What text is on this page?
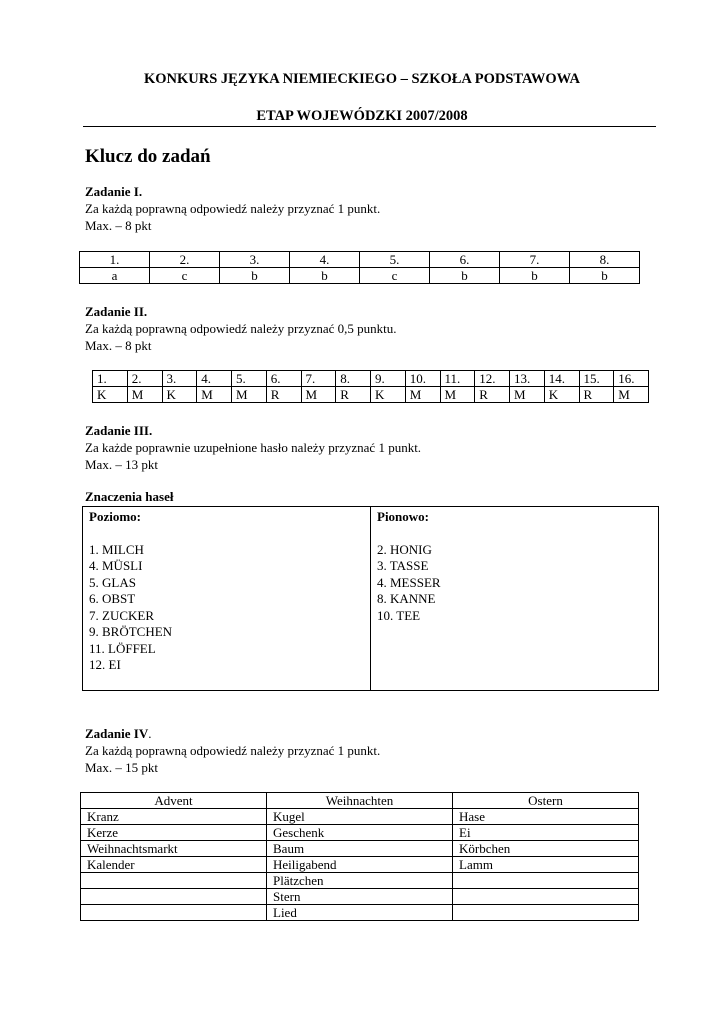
KONKURS JĘZYKA NIEMIECKIEGO – SZKOŁA PODSTAWOWA
ETAP WOJEWÓDZKI 2007/2008
Klucz do zadań
Zadanie I.
Za każdą poprawną odpowiedź należy przyznać 1 punkt.
Max. – 8 pkt
1.	2.	3.	4.	5.	6.	7.	8.
a	c	b	b	c	b	b	b
Zadanie II.
Za każdą poprawną odpowiedź należy przyznać 0,5 punktu.
Max. – 8 pkt
1.	2.	3.	4.	5.	6.	7.	8.	9.	10.	11.	12.	13.	14.	15.	16.
K	M	K	M	M	R	M	R	K	M	M	R	M	K	R	M
Zadanie III.
Za każde poprawnie uzupełnione hasło należy przyznać 1 punkt.
Max. – 13 pkt
Znaczenia haseł
Poziomo:
1. MILCH
4. MÜSLI
5. GLAS
6. OBST
7. ZUCKER
9. BRÖTCHEN
11. LÖFFEL
12. EI

Pionowo:
2. HONIG
3. TASSE
4. MESSER
8. KANNE
10. TEE
Zadanie IV.
Za każdą poprawną odpowiedź należy przyznać 1 punkt.
Max. – 15 pkt
Advent	Weihnachten	Ostern
Kranz	Kugel	Hase
Kerze	Geschenk	Ei
Weihnachtsmarkt	Baum	Körbchen
Kalender	Heiligabend	Lamm
	Plätzchen	
	Stern	
	Lied	
